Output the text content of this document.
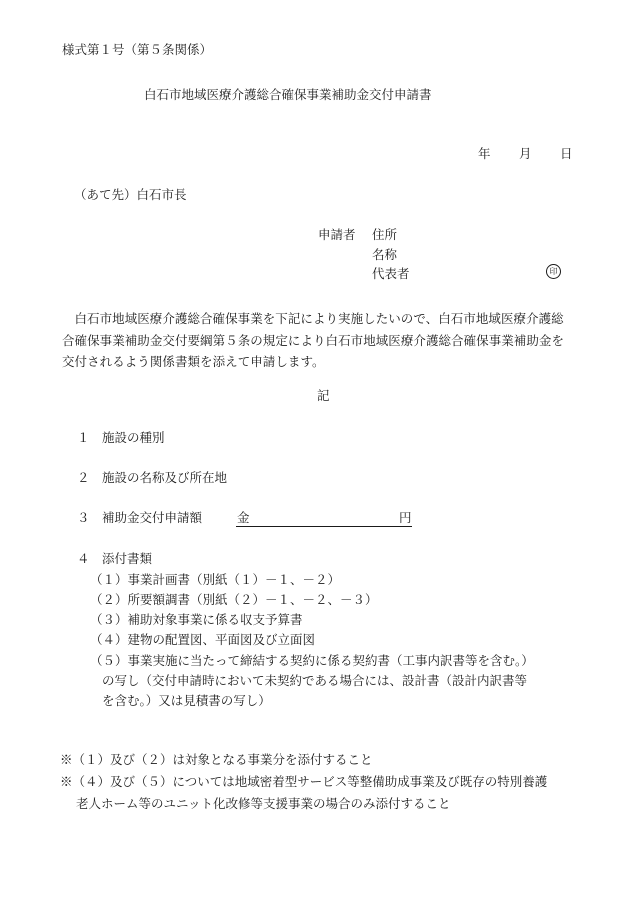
様式第１号（第５条関係）
白石市地域医療介護総合確保事業補助金交付申請書
年 月 日
（あて先）白石市長
申請者 住所
名称
代表者	印
白石市地域医療介護総合確保事業を下記により実施したいので、白石市地域医療介護総合確保事業補助金交付要綱第５条の規定により白石市地域医療介護総合確保事業補助金を交付されるよう関係書類を添えて申請します。
記
１ 施設の種別
２ 施設の名称及び所在地
３ 補助金交付申請額	金	円
４ 添付書類
（１）事業計画書（別紙（１）－１、－２）
（２）所要額調書（別紙（２）－１、－２、－３）
（３）補助対象事業に係る収支予算書
（４）建物の配置図、平面図及び立面図
（５）事業実施に当たって締結する契約に係る契約書（工事内訳書等を含む。）
の写し（交付申請時において未契約である場合には、設計書（設計内訳書等
を含む。）又は見積書の写し）
※（１）及び（２）は対象となる事業分を添付すること
※（４）及び（５）については地域密着型サービス等整備助成事業及び既存の特別養護
老人ホーム等のユニット化改修等支援事業の場合のみ添付すること
